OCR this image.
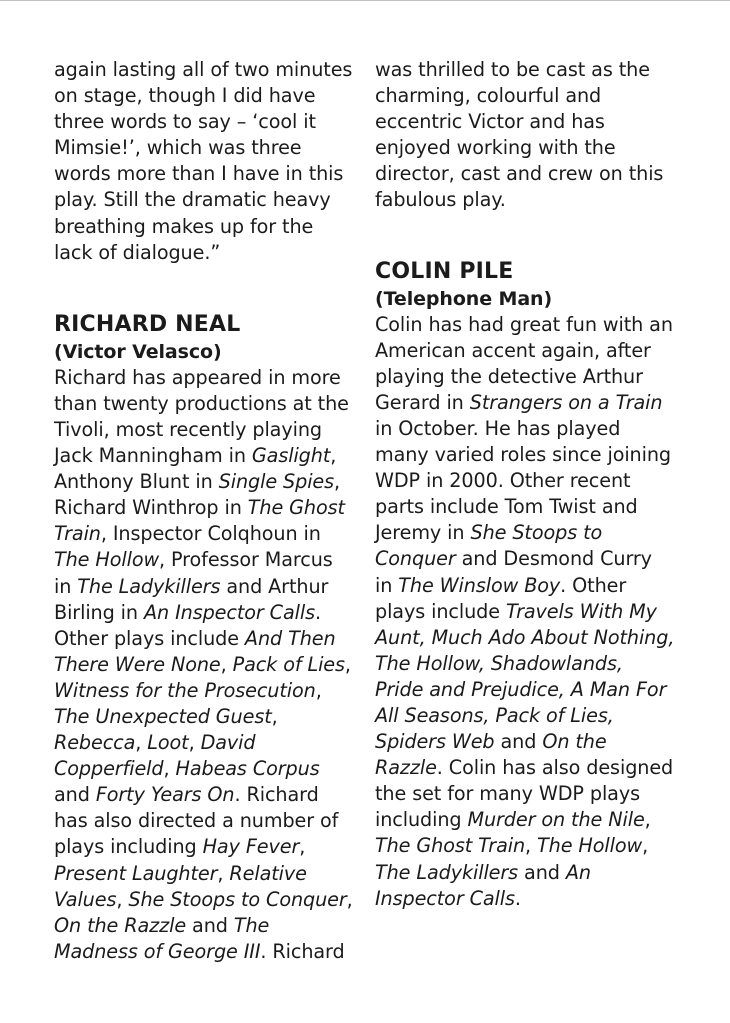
again lasting all of two minutes on stage, though I did have three words to say – ‘cool it Mimsie!’, which was three words more than I have in this play. Still the dramatic heavy breathing makes up for the lack of dialogue.”

RICHARD NEAL

(Victor Velasco)

Richard has appeared in more than twenty productions at the Tivoli, most recently playing Jack Manningham in Gaslight, Anthony Blunt in Single Spies, Richard Winthrop in The Ghost Train, Inspector Colqhoun in The Hollow, Professor Marcus in The Ladykillers and Arthur Birling in An Inspector Calls. Other plays include And Then There Were None, Pack of Lies, Witness for the Prosecution, The Unexpected Guest, Rebecca, Loot, David Copperfield, Habeas Corpus and Forty Years On. Richard has also directed a number of plays including Hay Fever, Present Laughter, Relative Values, She Stoops to Conquer, On the Razzle and The Madness of George III. Richard

was thrilled to be cast as the charming, colourful and eccentric Victor and has enjoyed working with the director, cast and crew on this fabulous play.

COLIN PILE

(Telephone Man)

Colin has had great fun with an American accent again, after playing the detective Arthur Gerard in Strangers on a Train in October. He has played many varied roles since joining WDP in 2000. Other recent parts include Tom Twist and Jeremy in She Stoops to Conquer and Desmond Curry in The Winslow Boy. Other plays include Travels With My Aunt, Much Ado About Nothing, The Hollow, Shadowlands, Pride and Prejudice, A Man For All Seasons, Pack of Lies, Spiders Web and On the Razzle. Colin has also designed the set for many WDP plays including Murder on the Nile, The Ghost Train, The Hollow, The Ladykillers and An Inspector Calls.
